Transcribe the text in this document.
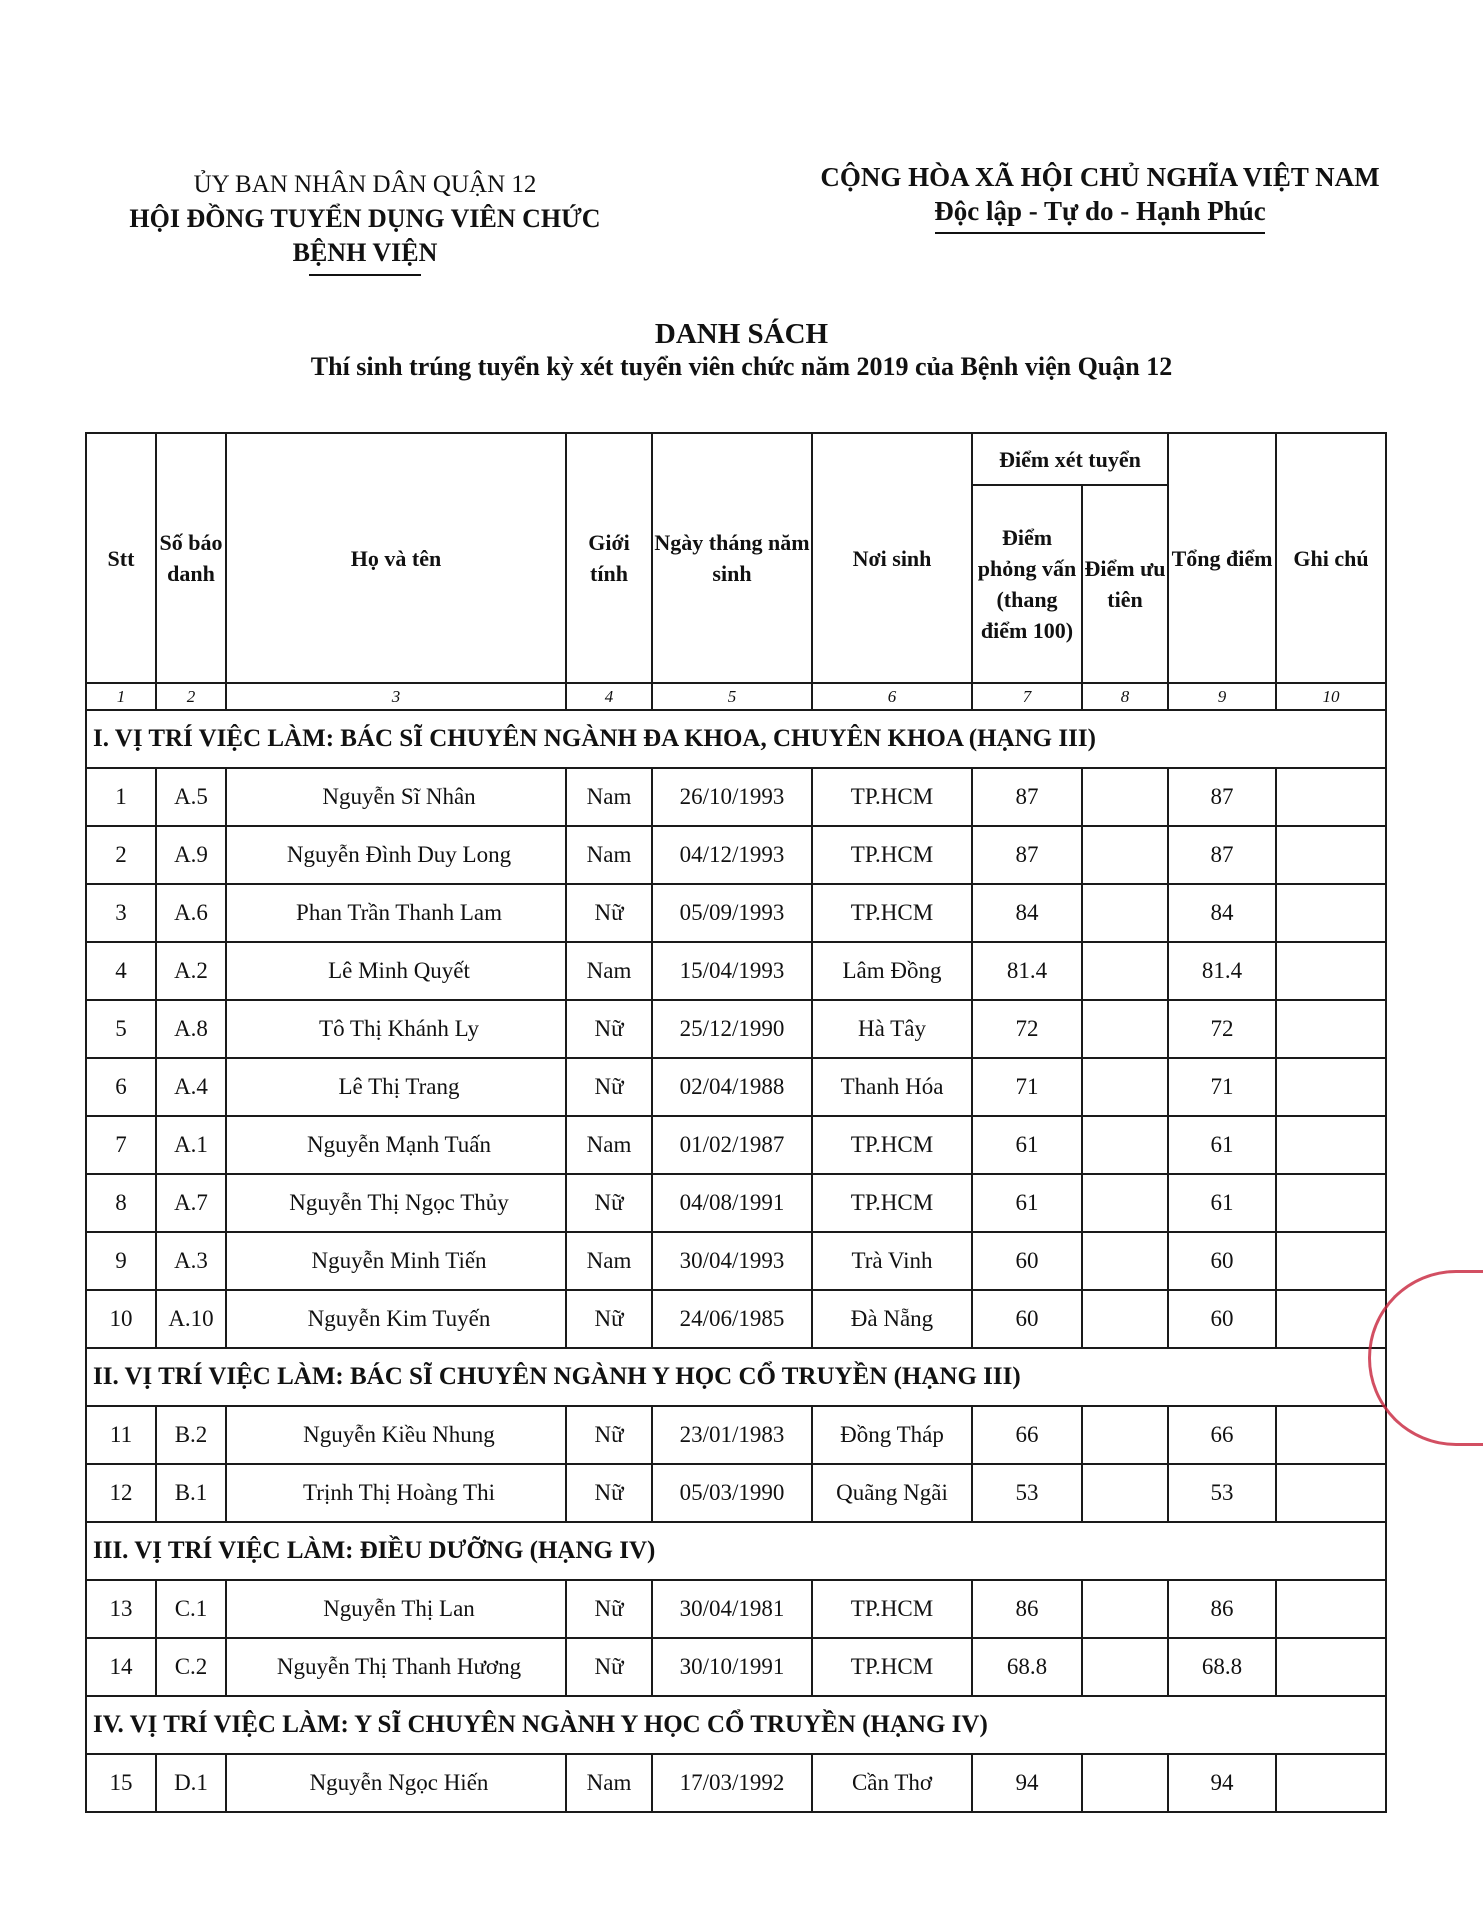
ỦY BAN NHÂN DÂN QUẬN 12
HỘI ĐỒNG TUYỂN DỤNG VIÊN CHỨC
BỆNH VIỆN
CỘNG HÒA XÃ HỘI CHỦ NGHĨA VIỆT NAM
Độc lập - Tự do - Hạnh Phúc
DANH SÁCH
Thí sinh trúng tuyển kỳ xét tuyển viên chức năm 2019 của Bệnh viện Quận 12
Stt	Số báo danh	Họ và tên	Giới tính	Ngày tháng năm sinh	Nơi sinh	Điểm xét tuyển		Tổng điểm	Ghi chú
						Điểm phỏng vấn (thang điểm 100)	Điểm ưu tiên		
1	2	3	4	5	6	7	8	9	10
I. VỊ TRÍ VIỆC LÀM: BÁC SĨ CHUYÊN NGÀNH ĐA KHOA, CHUYÊN KHOA (HẠNG III)									
1	A.5	Nguyễn Sĩ Nhân	Nam	26/10/1993	TP.HCM	87		87	
2	A.9	Nguyễn Đình Duy Long	Nam	04/12/1993	TP.HCM	87		87	
3	A.6	Phan Trần Thanh Lam	Nữ	05/09/1993	TP.HCM	84		84	
4	A.2	Lê Minh Quyết	Nam	15/04/1993	Lâm Đồng	81.4		81.4	
5	A.8	Tô Thị Khánh Ly	Nữ	25/12/1990	Hà Tây	72		72	
6	A.4	Lê Thị Trang	Nữ	02/04/1988	Thanh Hóa	71		71	
7	A.1	Nguyễn Mạnh Tuấn	Nam	01/02/1987	TP.HCM	61		61	
8	A.7	Nguyễn Thị Ngọc Thủy	Nữ	04/08/1991	TP.HCM	61		61	
9	A.3	Nguyễn Minh Tiến	Nam	30/04/1993	Trà Vinh	60		60	
10	A.10	Nguyễn Kim Tuyến	Nữ	24/06/1985	Đà Nẵng	60		60	
II. VỊ TRÍ VIỆC LÀM: BÁC SĨ CHUYÊN NGÀNH Y HỌC CỔ TRUYỀN (HẠNG III)									
11	B.2	Nguyễn Kiều Nhung	Nữ	23/01/1983	Đồng Tháp	66		66	
12	B.1	Trịnh Thị Hoàng Thi	Nữ	05/03/1990	Quãng Ngãi	53		53	
III. VỊ TRÍ VIỆC LÀM: ĐIỀU DƯỠNG (HẠNG IV)									
13	C.1	Nguyễn Thị Lan	Nữ	30/04/1981	TP.HCM	86		86	
14	C.2	Nguyễn Thị Thanh Hương	Nữ	30/10/1991	TP.HCM	68.8		68.8	
IV. VỊ TRÍ VIỆC LÀM: Y SĨ CHUYÊN NGÀNH Y HỌC CỔ TRUYỀN (HẠNG IV)									
15	D.1	Nguyễn Ngọc Hiến	Nam	17/03/1992	Cần Thơ	94		94	
